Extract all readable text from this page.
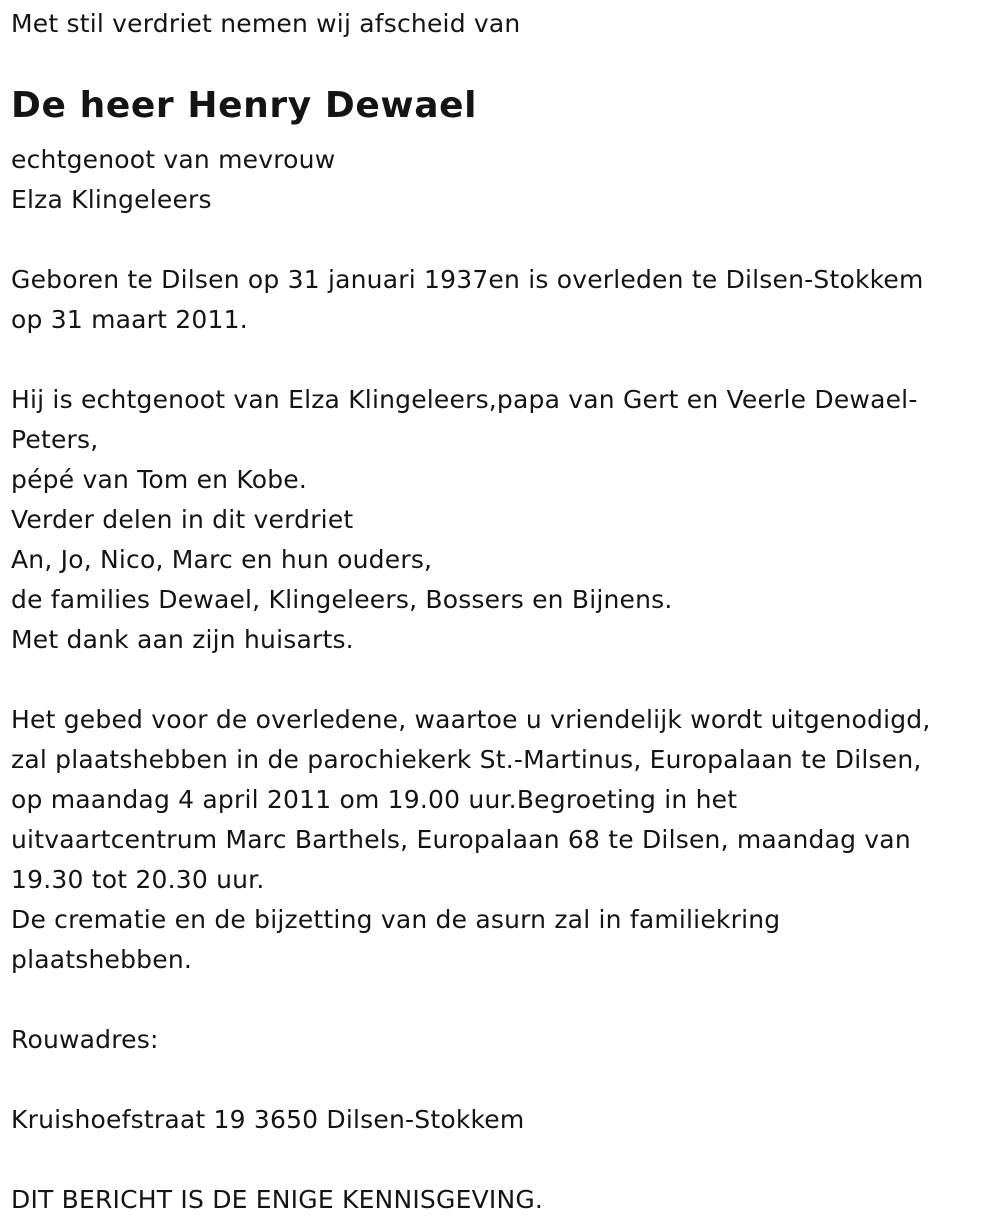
Met stil verdriet nemen wij afscheid van
De heer Henry Dewael
echtgenoot van mevrouw
Elza Klingeleers
Geboren te Dilsen op 31 januari 1937en is overleden te Dilsen-Stokkem
op 31 maart 2011.
Hij is echtgenoot van Elza Klingeleers,papa van Gert en Veerle Dewael-
Peters,
pépé van Tom en Kobe.
Verder delen in dit verdriet
An, Jo, Nico, Marc en hun ouders,
de families Dewael, Klingeleers, Bossers en Bijnens.
Met dank aan zijn huisarts.
Het gebed voor de overledene, waartoe u vriendelijk wordt uitgenodigd,
zal plaatshebben in de parochiekerk St.-Martinus, Europalaan te Dilsen,
op maandag 4 april 2011 om 19.00 uur.Begroeting in het
uitvaartcentrum Marc Barthels, Europalaan 68 te Dilsen, maandag van
19.30 tot 20.30 uur.
De crematie en de bijzetting van de asurn zal in familiekring
plaatshebben.
Rouwadres:
Kruishoefstraat 19 3650 Dilsen-Stokkem
DIT BERICHT IS DE ENIGE KENNISGEVING.
